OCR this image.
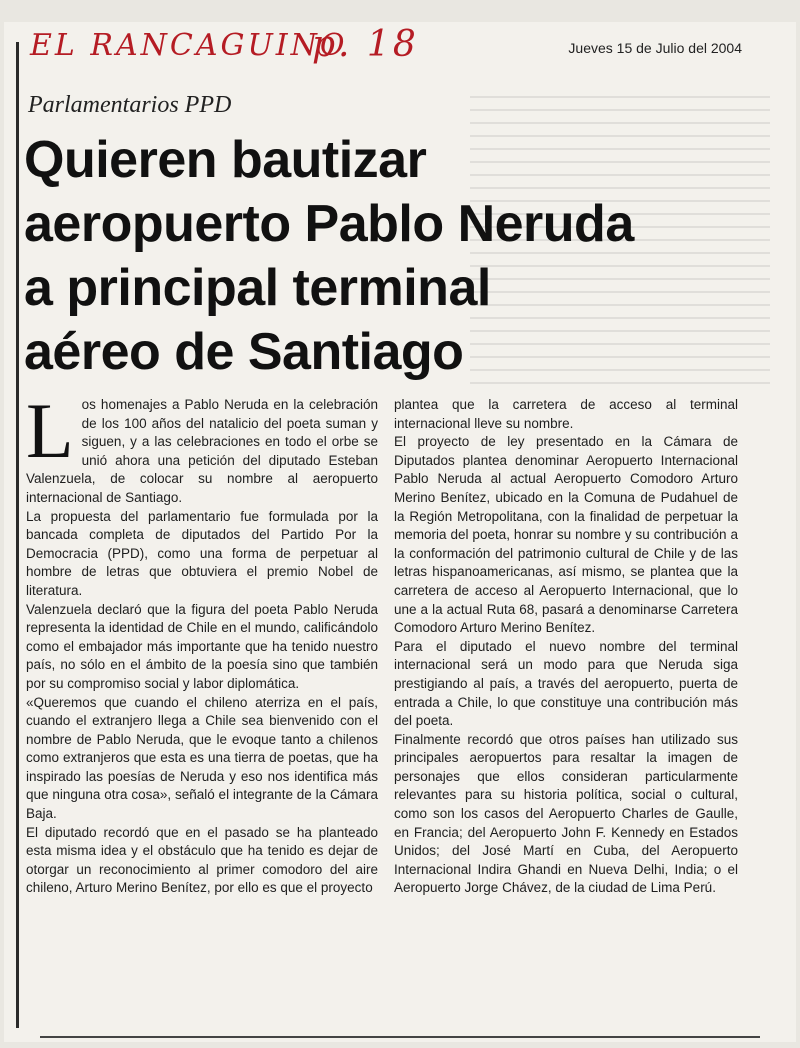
EL RANCAGUINO
p. 18	Jueves 15 de Julio del 2004
Parlamentarios PPD
Quieren bautizar
aeropuerto Pablo Neruda
a principal terminal
aéreo de Santiago

Los homenajes a Pablo Neruda en la celebración de los 100 años del natalicio del poeta suman y siguen, y a las celebraciones en todo el orbe se unió ahora una petición del diputado Esteban Valenzuela, de colocar su nombre al aeropuerto internacional de Santiago.

La propuesta del parlamentario fue formulada por la bancada completa de diputados del Partido Por la Democracia (PPD), como una forma de perpetuar al hombre de letras que obtuviera el premio Nobel de literatura.

Valenzuela declaró que la figura del poeta Pablo Neruda representa la identidad de Chile en el mundo, calificándolo como el embajador más importante que ha tenido nuestro país, no sólo en el ámbito de la poesía sino que también por su compromiso social y labor diplomática.

«Queremos que cuando el chileno aterriza en el país, cuando el extranjero llega a Chile sea bienvenido con el nombre de Pablo Neruda, que le evoque tanto a chilenos como extranjeros que esta es una tierra de poetas, que ha inspirado las poesías de Neruda y eso nos identifica más que ninguna otra cosa», señaló el integrante de la Cámara Baja.

El diputado recordó que en el pasado se ha planteado esta misma idea y el obstáculo que ha tenido es dejar de otorgar un reconocimiento al primer comodoro del aire chileno, Arturo Merino Benítez, por ello es que el proyecto

plantea que la carretera de acceso al terminal internacional lleve su nombre.

El proyecto de ley presentado en la Cámara de Diputados plantea denominar Aeropuerto Internacional Pablo Neruda al actual Aeropuerto Comodoro Arturo Merino Benítez, ubicado en la Comuna de Pudahuel de la Región Metropolitana, con la finalidad de perpetuar la memoria del poeta, honrar su nombre y su contribución a la conformación del patrimonio cultural de Chile y de las letras hispanoamericanas, así mismo, se plantea que la carretera de acceso al Aeropuerto Internacional, que lo une a la actual Ruta 68, pasará a denominarse Carretera Comodoro Arturo Merino Benítez.

Para el diputado el nuevo nombre del terminal internacional será un modo para que Neruda siga prestigiando al país, a través del aeropuerto, puerta de entrada a Chile, lo que constituye una contribución más del poeta.

Finalmente recordó que otros países han utilizado sus principales aeropuertos para resaltar la imagen de personajes que ellos consideran particularmente relevantes para su historia política, social o cultural, como son los casos del Aeropuerto Charles de Gaulle, en Francia; del Aeropuerto John F. Kennedy en Estados Unidos; del José Martí en Cuba, del Aeropuerto Internacional Indira Ghandi en Nueva Delhi, India; o el Aeropuerto Jorge Chávez, de la ciudad de Lima Perú.
